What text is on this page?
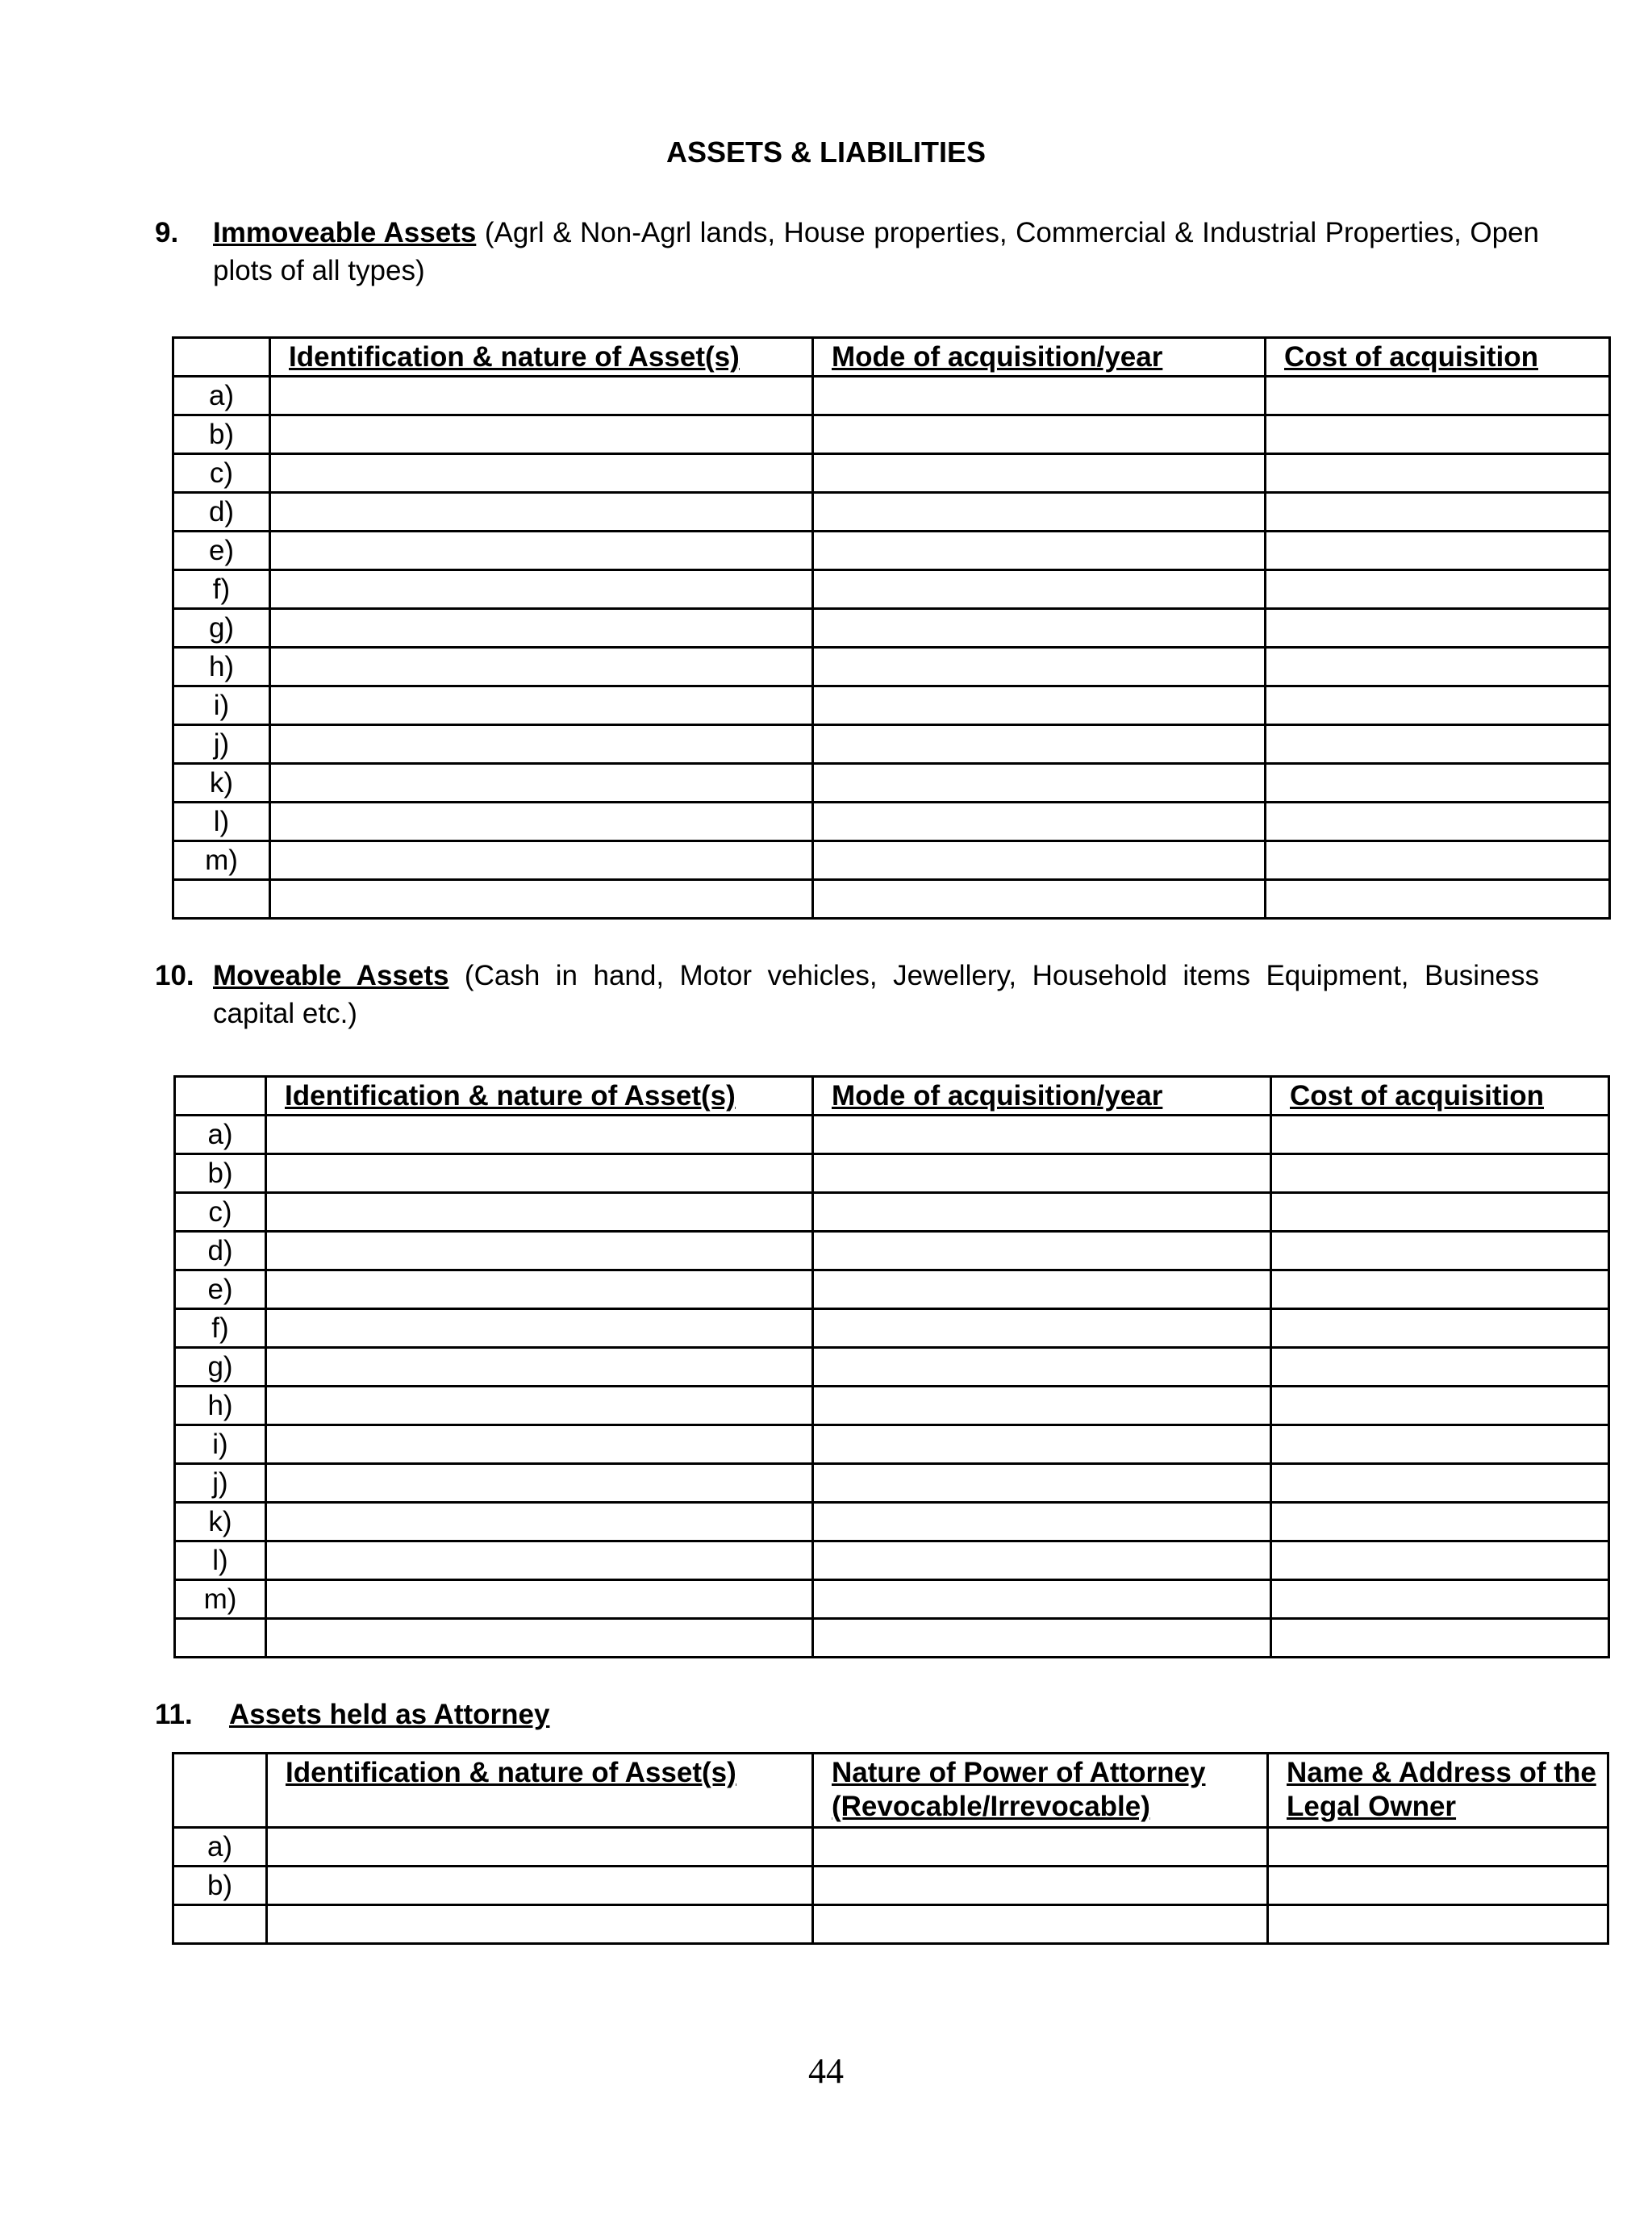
ASSETS & LIABILITIES
9. Immoveable Assets (Agrl & Non-Agrl lands, House properties, Commercial & Industrial Properties, Open plots of all types)
	Identification & nature of Asset(s)	Mode of acquisition/year	Cost of acquisition
a)			
b)			
c)			
d)			
e)			
f)			
g)			
h)			
i)			
j)			
k)			
l)			
m)			

10. Moveable Assets (Cash in hand, Motor vehicles, Jewellery, Household items Equipment, Business capital etc.)
	Identification & nature of Asset(s)	Mode of acquisition/year	Cost of acquisition
a)			
b)			
c)			
d)			
e)			
f)			
g)			
h)			
i)			
j)			
k)			
l)			
m)			

11. Assets held as Attorney
	Identification & nature of Asset(s)	Nature of Power of Attorney (Revocable/Irrevocable)	Name & Address of the Legal Owner
a)			
b)			

44
